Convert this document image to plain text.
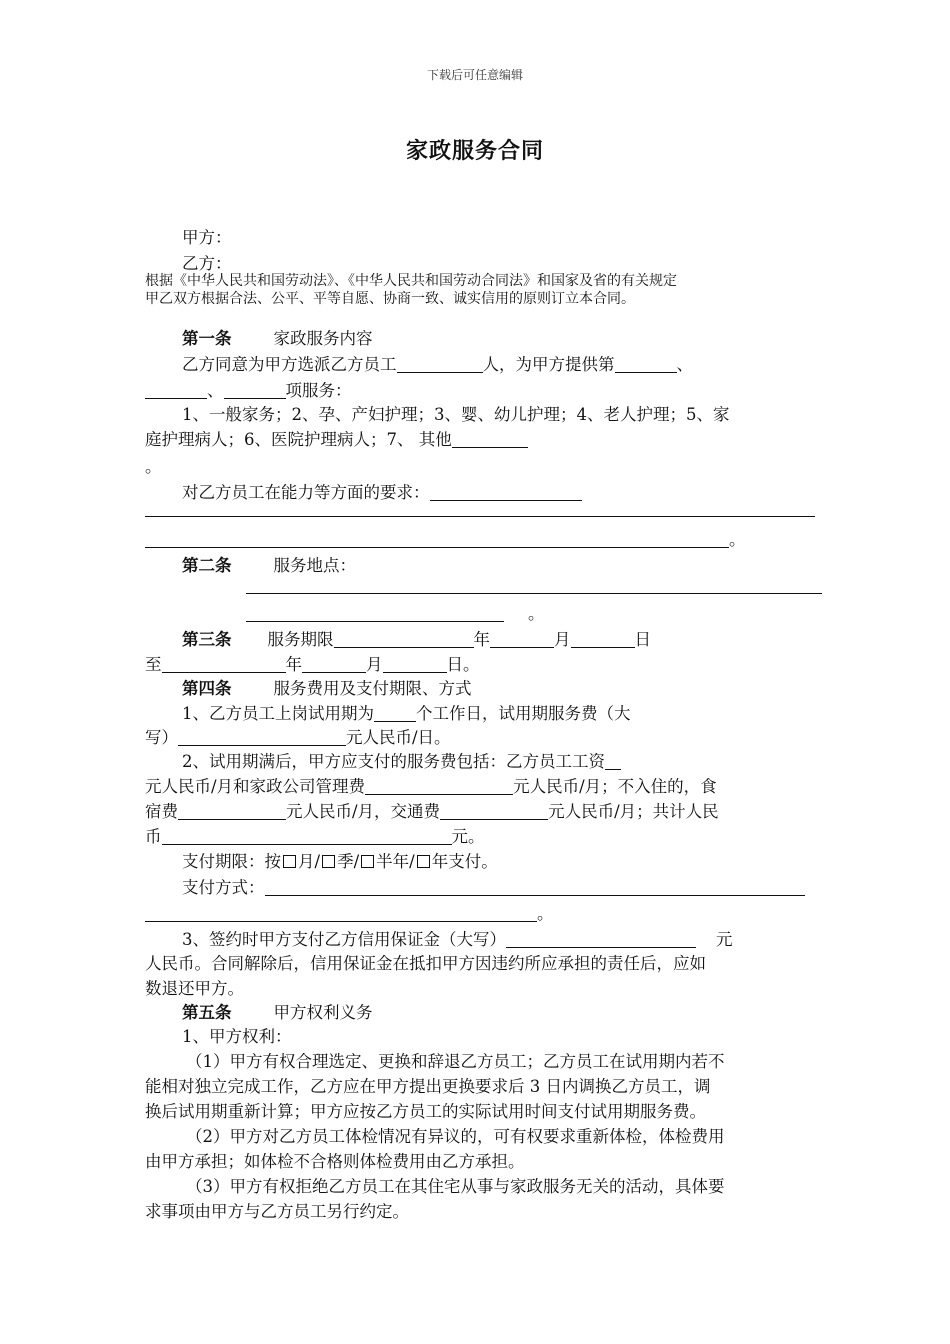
下载后可任意编辑
家政服务合同
甲方：
乙方：
根据《中华人民共和国劳动法》、《中华人民共和国劳动合同法》和国家及省的有关规定
甲乙双方根据合法、公平、平等自愿、协商一致、诚实信用的原则订立本合同。
第一条	家政服务内容
乙方同意为甲方选派乙方员工	人，为甲方提供第	、
、	项服务：
1、一般家务；2、孕、产妇护理；3、婴、幼儿护理；4、老人护理；5、家
庭护理病人；6、医院护理病人；7、 其他
。
对乙方员工在能力等方面的要求：
。
第二条	服务地点：
。
第三条 服务期限	年	月	日
至	年	月	日。
第四条	服务费用及支付期限、方式
1、乙方员工上岗试用期为	个工作日，试用期服务费（大
写）	元人民币/日。
2、试用期满后，甲方应支付的服务费包括：乙方员工工资
元人民币/月和家政公司管理费	元人民币/月；不入住的，食
宿费	元人民币/月，交通费	元人民币/月；共计人民
币	元。
支付期限：按 月/ 季/ 半年/ 年支付。
支付方式：
。
3、签约时甲方支付乙方信用保证金（大写）	元
人民币。合同解除后，信用保证金在抵扣甲方因违约所应承担的责任后，应如
数退还甲方。
第五条	甲方权利义务
1、甲方权利：
（1）甲方有权合理选定、更换和辞退乙方员工；乙方员工在试用期内若不
能相对独立完成工作，乙方应在甲方提出更换要求后 3 日内调换乙方员工，调
换后试用期重新计算；甲方应按乙方员工的实际试用时间支付试用期服务费。
（2）甲方对乙方员工体检情况有异议的，可有权要求重新体检，体检费用
由甲方承担；如体检不合格则体检费用由乙方承担。
（3）甲方有权拒绝乙方员工在其住宅从事与家政服务无关的活动，具体要
求事项由甲方与乙方员工另行约定。
